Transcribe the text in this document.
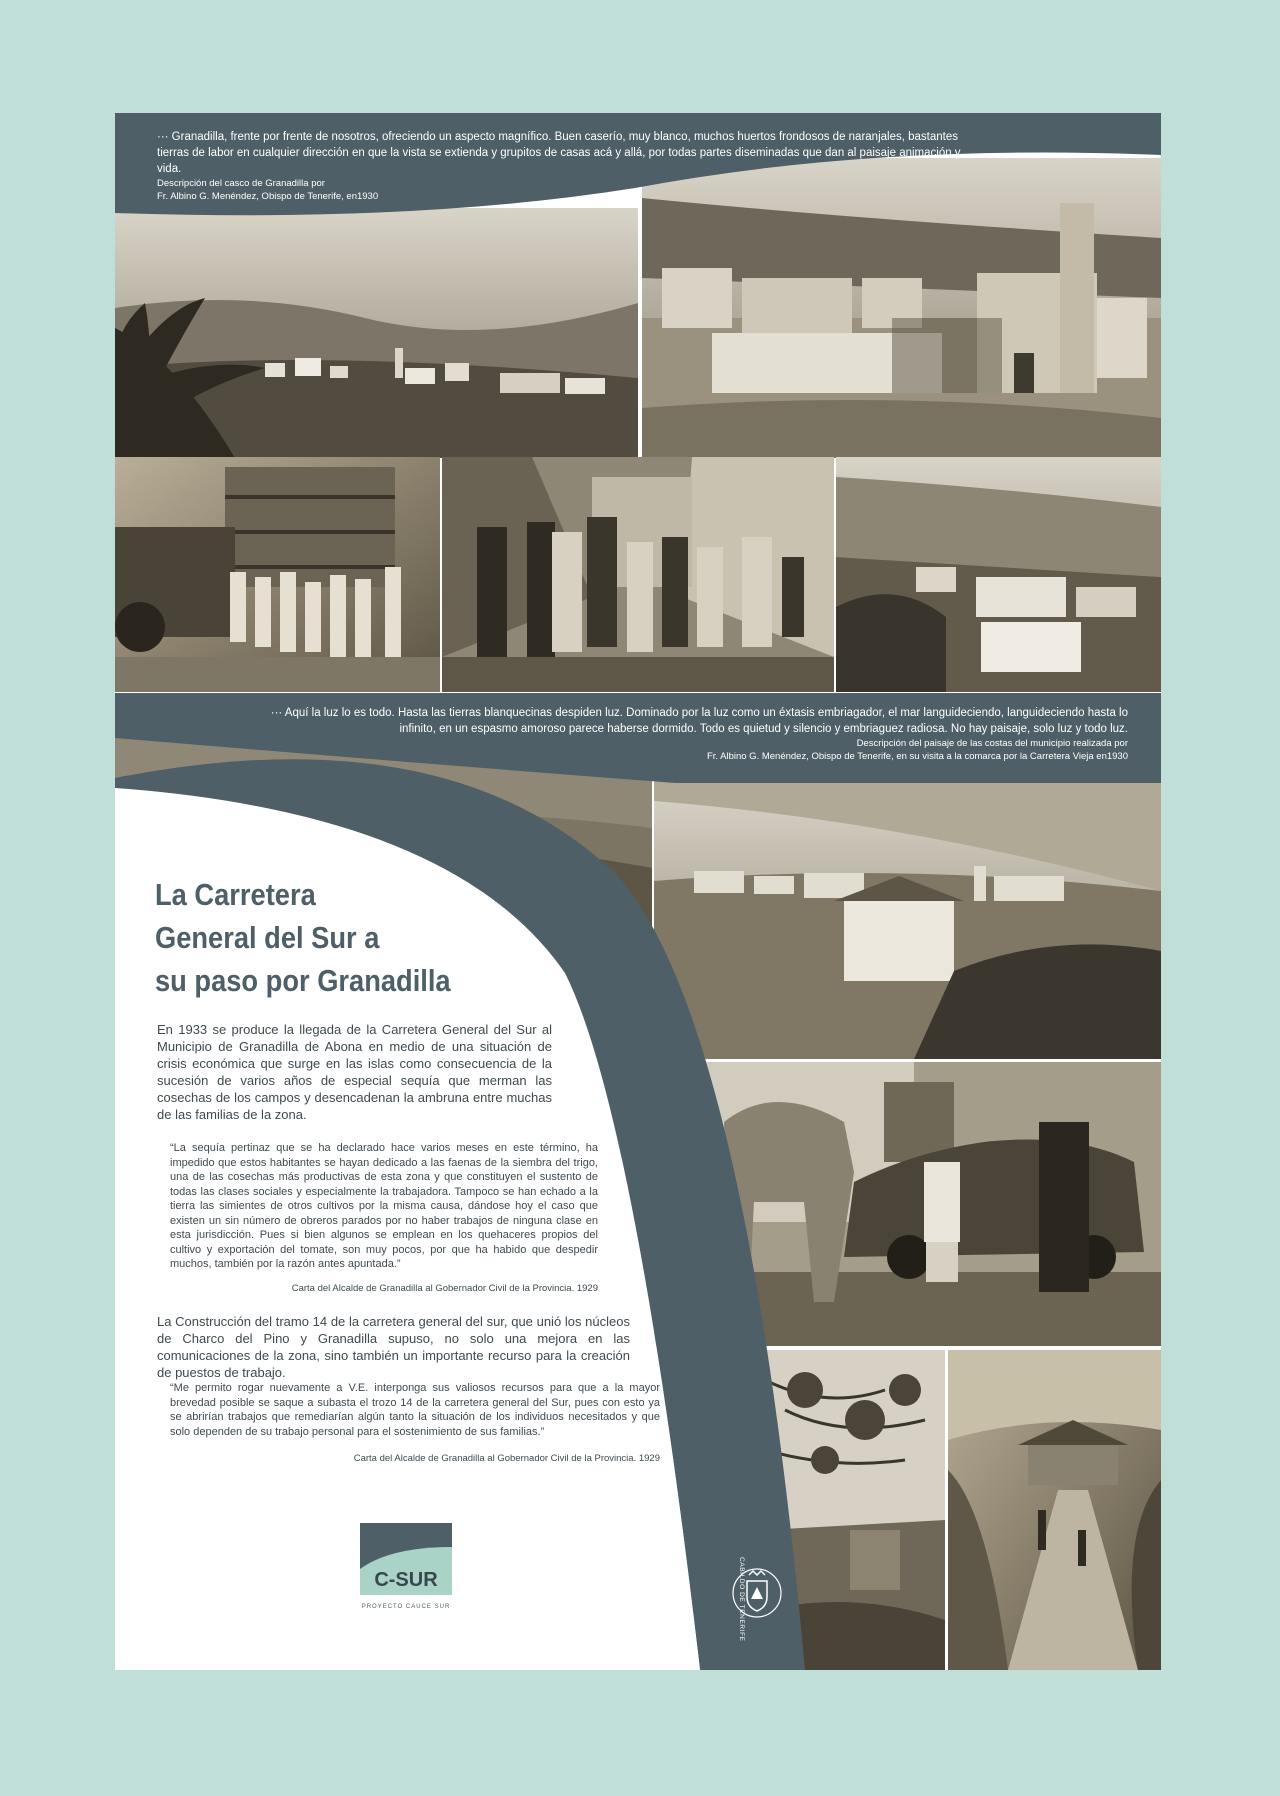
··· Granadilla, frente por frente de nosotros, ofreciendo un aspecto magnífico. Buen caserío, muy blanco, muchos huertos frondosos de naranjales, bastantes tierras de labor en cualquier dirección en que la vista se extienda y grupitos de casas acá y allá, por todas partes diseminadas que dan al paisaje animación y vida.
Descripción del casco de Granadilla por
Fr. Albino G. Menéndez, Obispo de Tenerife, en1930
··· Aquí la luz lo es todo. Hasta las tierras blanquecinas despiden luz. Dominado por la luz como un éxtasis embriagador, el mar languideciendo, languideciendo hasta lo infinito, en un espasmo amoroso parece haberse dormido. Todo es quietud y silencio y embriaguez radiosa. No hay paisaje, solo luz y todo luz.
Descripción del paisaje de las costas del municipio realizada por
Fr. Albino G. Menéndez, Obispo de Tenerife, en su visita a la comarca por la Carretera Vieja en1930
La Carretera
General del Sur a
su paso por Granadilla
En 1933 se produce la llegada de la Carretera General del Sur al Municipio de Granadilla de Abona en medio de una situación de crisis económica que surge en las islas como consecuencia de la sucesión de varios años de especial sequía que merman las cosechas de los campos y desencadenan la ambruna entre muchas de las familias de la zona.
“La sequía pertinaz que se ha declarado hace varios meses en este término, ha impedido que estos habitantes se hayan dedicado a las faenas de la siembra del trigo, una de las cosechas más productivas de esta zona y que constituyen el sustento de todas las clases sociales y especialmente la trabajadora. Tampoco se han echado a la tierra las simientes de otros cultivos por la misma causa, dándose hoy el caso que existen un sin número de obreros parados por no haber trabajos de ninguna clase en esta jurisdicción. Pues si bien algunos se emplean en los quehaceres propios del cultivo y exportación del tomate, son muy pocos, por que ha habido que despedir muchos, también por la razón antes apuntada.”
Carta del Alcalde de Granadilla al Gobernador Civil de la Provincia. 1929
La Construcción del tramo 14 de la carretera general del sur, que unió los núcleos de Charco del Pino y Granadilla supuso, no solo una mejora en las comunicaciones de la zona, sino también un importante recurso para la creación de puestos de trabajo.
“Me permito rogar nuevamente a V.E. interponga sus valiosos recursos para que a la mayor brevedad posible se saque a subasta el trozo 14 de la carretera general del Sur, pues con esto ya se abrirían trabajos que remediarían algún tanto la situación de los individuos necesitados y que solo dependen de su trabajo personal para el sostenimiento de sus familias.”
Carta del Alcalde de Granadilla al Gobernador Civil de la Provincia. 1929
C-SUR
PROYECTO CAUCE SUR	CABILDO DE TENERIFE
